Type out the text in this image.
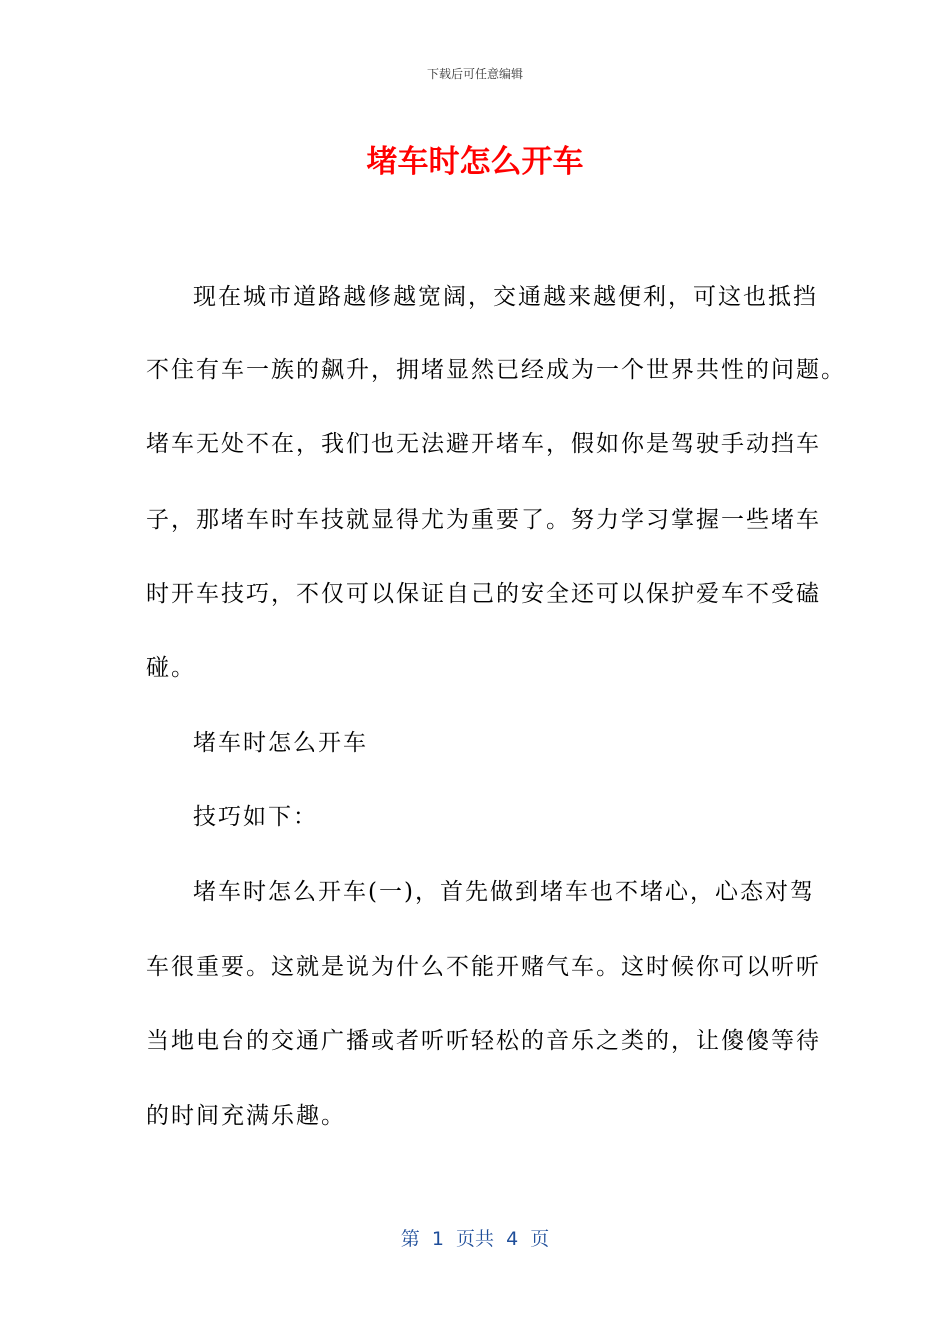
下载后可任意编辑
堵车时怎么开车
现在城市道路越修越宽阔，交通越来越便利，可这也抵挡
不住有车一族的飙升，拥堵显然已经成为一个世界共性的问题。
堵车无处不在，我们也无法避开堵车，假如你是驾驶手动挡车
子，那堵车时车技就显得尤为重要了。努力学习掌握一些堵车
时开车技巧，不仅可以保证自己的安全还可以保护爱车不受磕
碰。
堵车时怎么开车
技巧如下：
堵车时怎么开车(一)，首先做到堵车也不堵心，心态对驾
车很重要。这就是说为什么不能开赌气车。这时候你可以听听
当地电台的交通广播或者听听轻松的音乐之类的，让傻傻等待
的时间充满乐趣。
第  1  页共  4  页
